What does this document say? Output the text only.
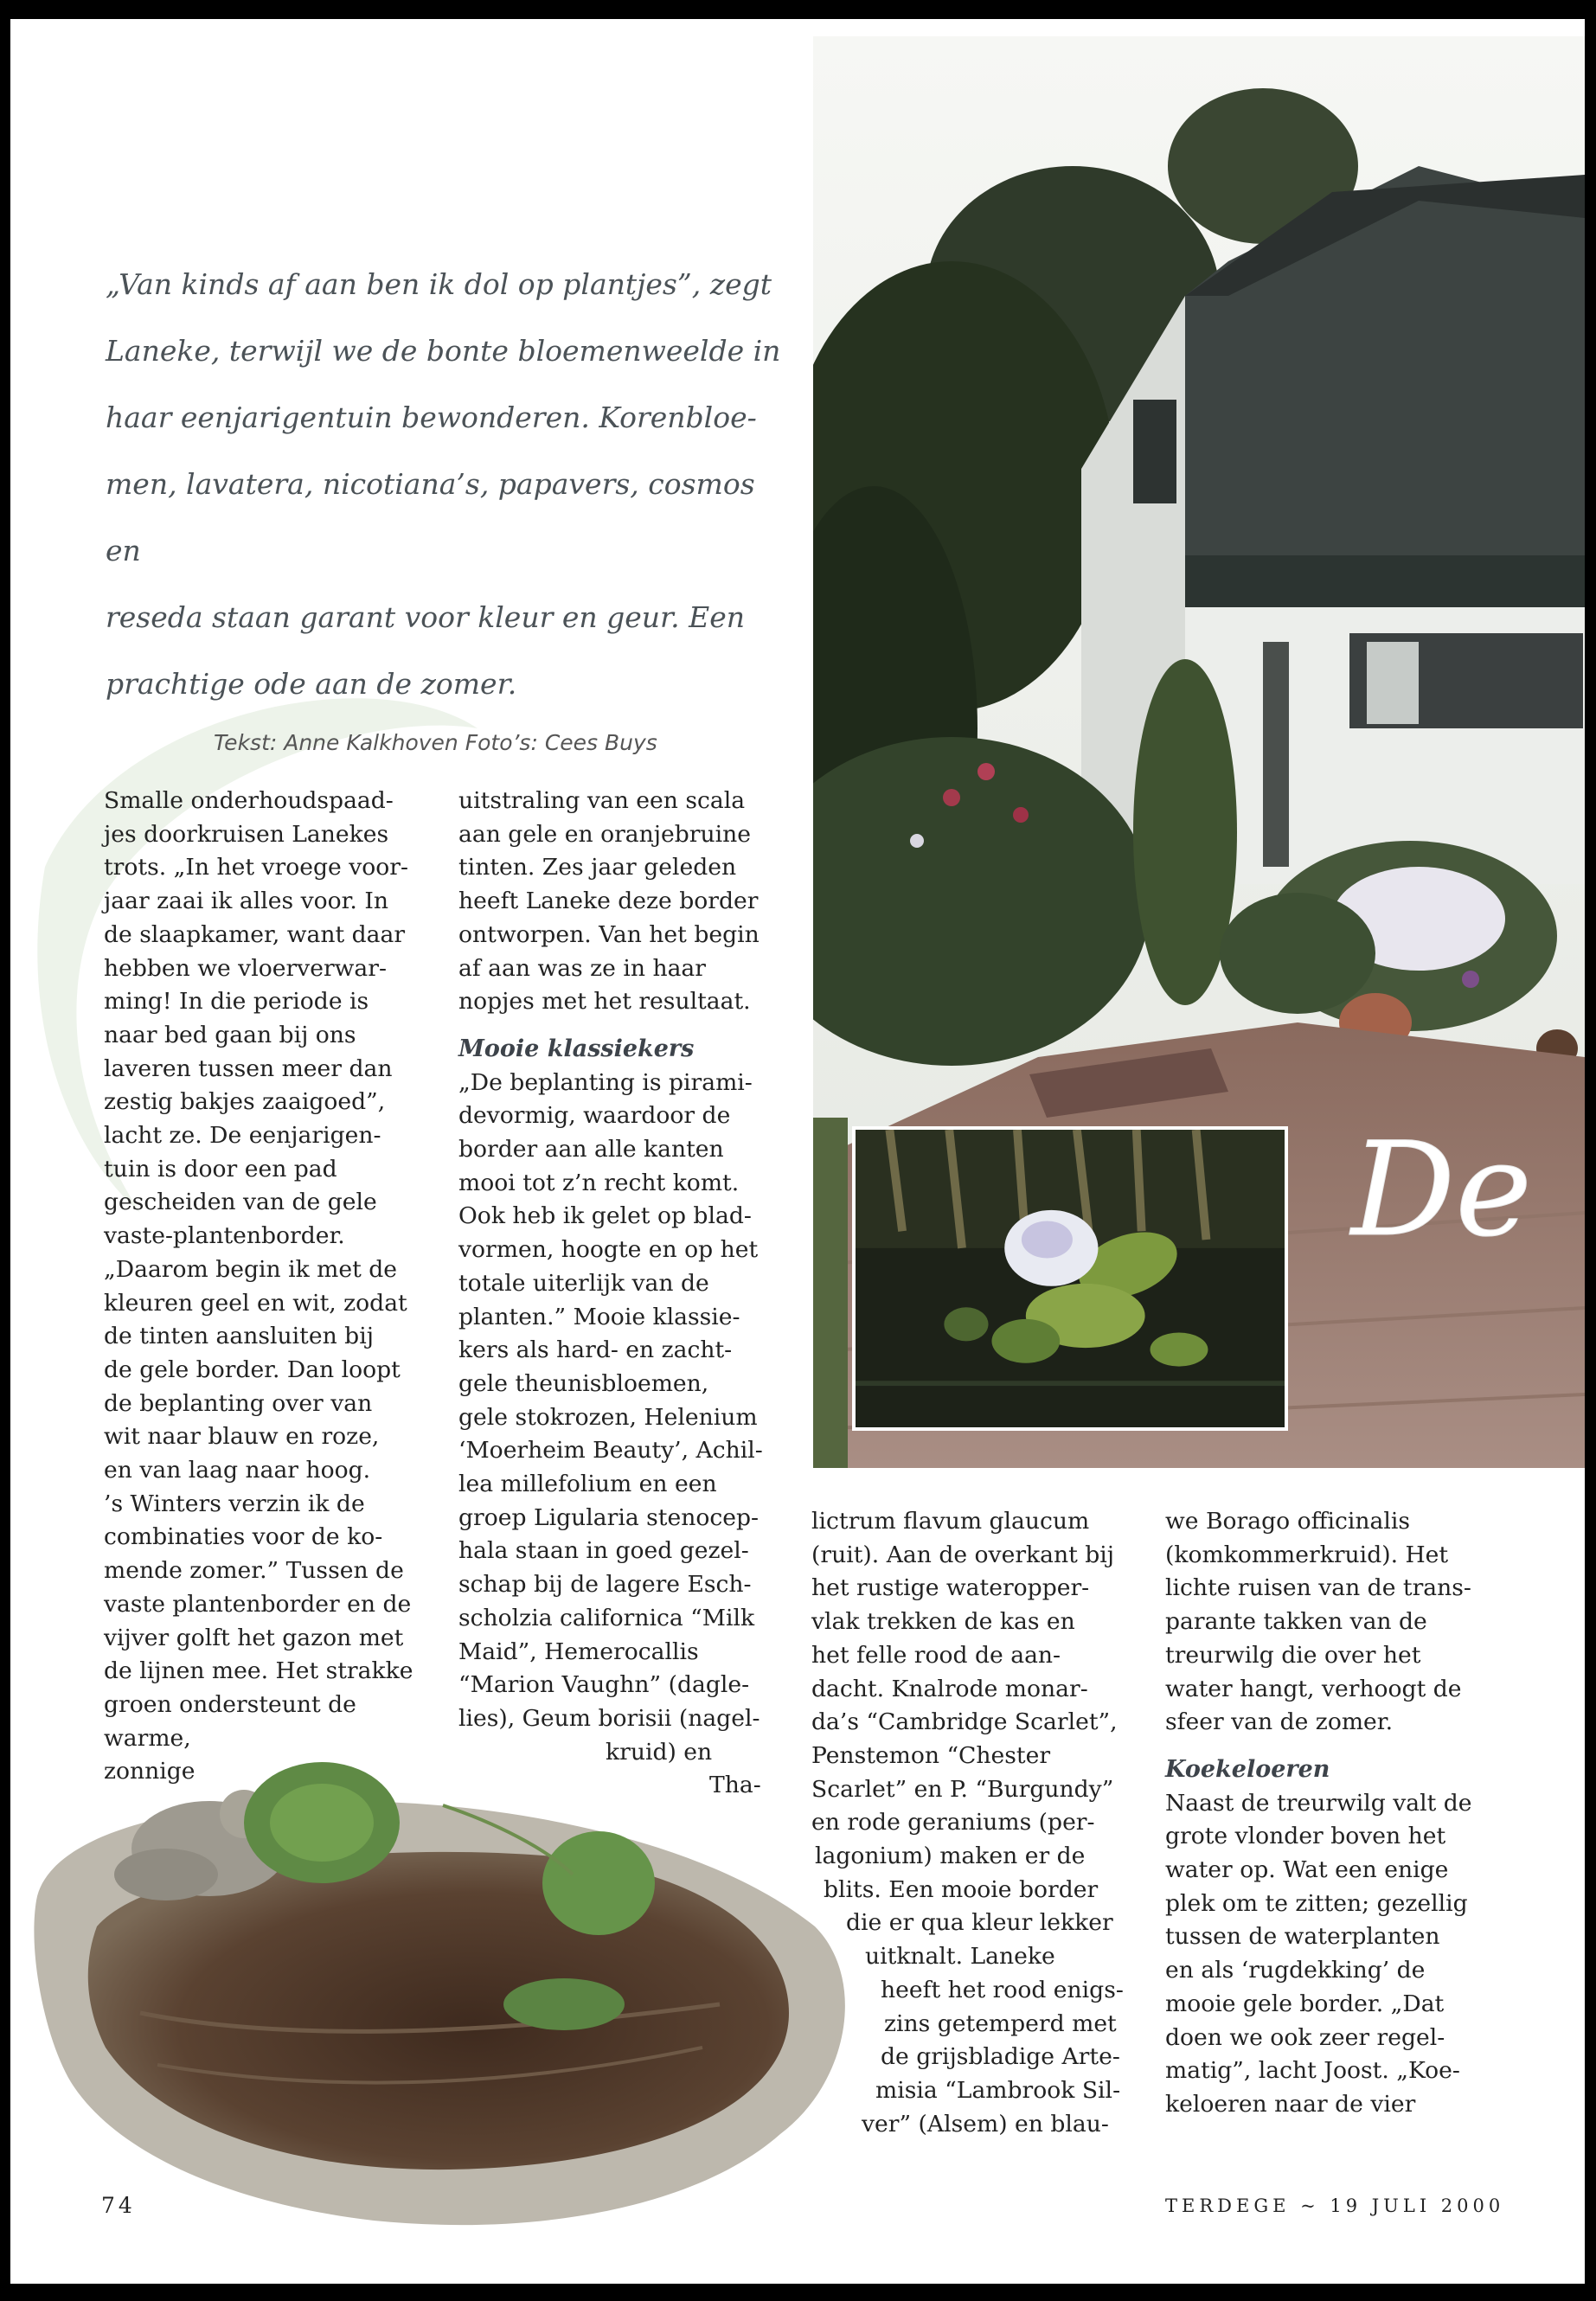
„Van kinds af aan ben ik dol op plantjes”, zegt

Laneke, terwijl we de bonte bloemenweelde in

haar eenjarigentuin bewonderen. Korenbloe-

men, lavatera, nicotiana’s, papavers, cosmos en

reseda staan garant voor kleur en geur. Een

prachtige ode aan de zomer.

Tekst: Anne Kalkhoven Foto’s: Cees Buys
Smalle onderhoudspaad-
jes doorkruisen Lanekes
trots. „In het vroege voor-
jaar zaai ik alles voor. In
de slaapkamer, want daar
hebben we vloerverwar-
ming! In die periode is
naar bed gaan bij ons
laveren tussen meer dan
zestig bakjes zaaigoed”,
lacht ze. De eenjarigen-
tuin is door een pad
gescheiden van de gele
vaste-plantenborder.
„Daarom begin ik met de
kleuren geel en wit, zodat
de tinten aansluiten bij
de gele border. Dan loopt
de beplanting over van
wit naar blauw en roze,
en van laag naar hoog.
’s Winters verzin ik de
combinaties voor de ko-
mende zomer.” Tussen de
vaste plantenborder en de
vijver golft het gazon met
de lijnen mee. Het strakke
groen ondersteunt de
warme,
zonnige
uitstraling van een scala
aan gele en oranjebruine
tinten. Zes jaar geleden
heeft Laneke deze border
ontworpen. Van het begin
af aan was ze in haar
nopjes met het resultaat.
Mooie klassiekers
„De beplanting is pirami-
devormig, waardoor de
border aan alle kanten
mooi tot z’n recht komt.
Ook heb ik gelet op blad-
vormen, hoogte en op het
totale uiterlijk van de
planten.” Mooie klassie-
kers als hard- en zacht-
gele theunisbloemen,
gele stokrozen, Helenium
‘Moerheim Beauty’, Achil-
lea millefolium en een
groep Ligularia stenocep-
hala staan in goed gezel-
schap bij de lagere Esch-
scholzia californica “Milk
Maid”, Hemerocallis
“Marion Vaughn” (dagle-
lies), Geum borisii (nagel-
kruid) en
Tha-
De
lictrum flavum glaucum
(ruit). Aan de overkant bij
het rustige wateropper-
vlak trekken de kas en
het felle rood de aan-
dacht. Knalrode monar-
da’s “Cambridge Scarlet”,
Penstemon “Chester
Scarlet” en P. “Burgundy”
en rode geraniums (per-
lagonium) maken er de
blits. Een mooie border
die er qua kleur lekker
uitknalt. Laneke
heeft het rood enigs-
zins getemperd met
de grijsbladige Arte-
misia “Lambrook Sil-
ver” (Alsem) en blau-
we Borago officinalis
(komkommerkruid). Het
lichte ruisen van de trans-
parante takken van de
treurwilg die over het
water hangt, verhoogt de
sfeer van de zomer.
Koekeloeren
Naast de treurwilg valt de
grote vlonder boven het
water op. Wat een enige
plek om te zitten; gezellig
tussen de waterplanten
en als ‘rugdekking’ de
mooie gele border. „Dat
doen we ook zeer regel-
matig”, lacht Joost. „Koe-
keloeren naar de vier
74	TERDEGE ~ 19 JULI 2000
